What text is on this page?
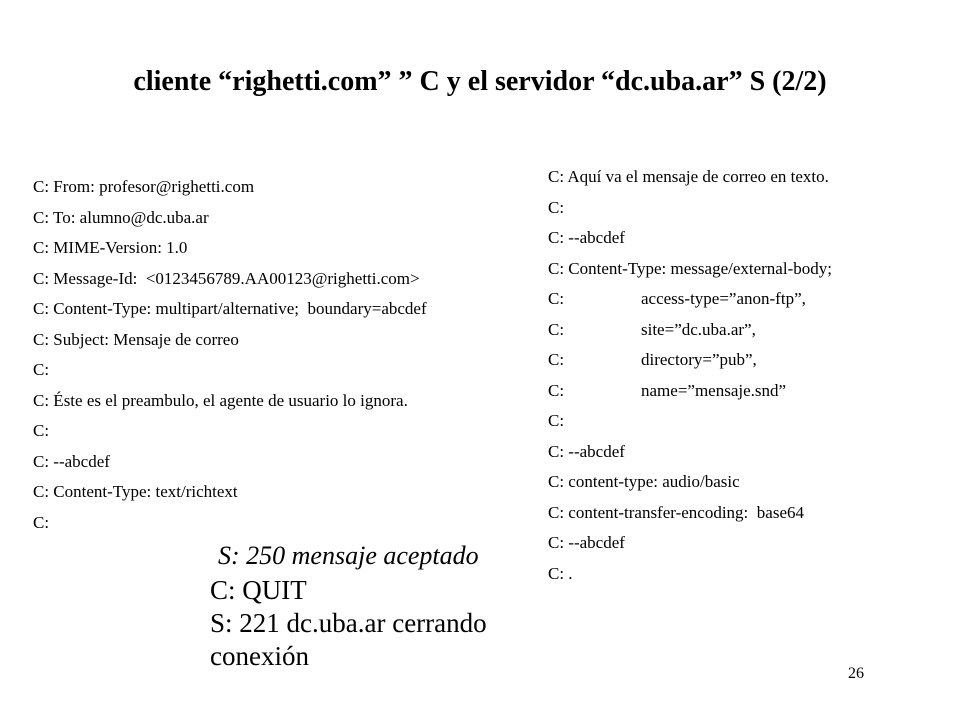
cliente “righetti.com” ” C y el servidor “dc.uba.ar” S (2/2)
C: From: profesor@righetti.com
C: To: alumno@dc.uba.ar
C: MIME-Version: 1.0
C: Message-Id:  <0123456789.AA00123@righetti.com>
C: Content-Type: multipart/alternative;  boundary=abcdef
C: Subject: Mensaje de correo
C:
C: Éste es el preambulo, el agente de usuario lo ignora.
C:
C: --abcdef
C: Content-Type: text/richtext
C:
C: Aquí va el mensaje de correo en texto.
C:
C: --abcdef
C: Content-Type: message/external-body;
C:	access-type=”anon-ftp”,
C:	site=”dc.uba.ar”,
C:	directory=”pub”,
C:	name=”mensaje.snd”
C:
C: --abcdef
C: content-type: audio/basic
C: content-transfer-encoding:  base64
C: --abcdef
C: .
S: 250 mensaje aceptado
C: QUIT
S: 221 dc.uba.ar cerrando
conexión
26
